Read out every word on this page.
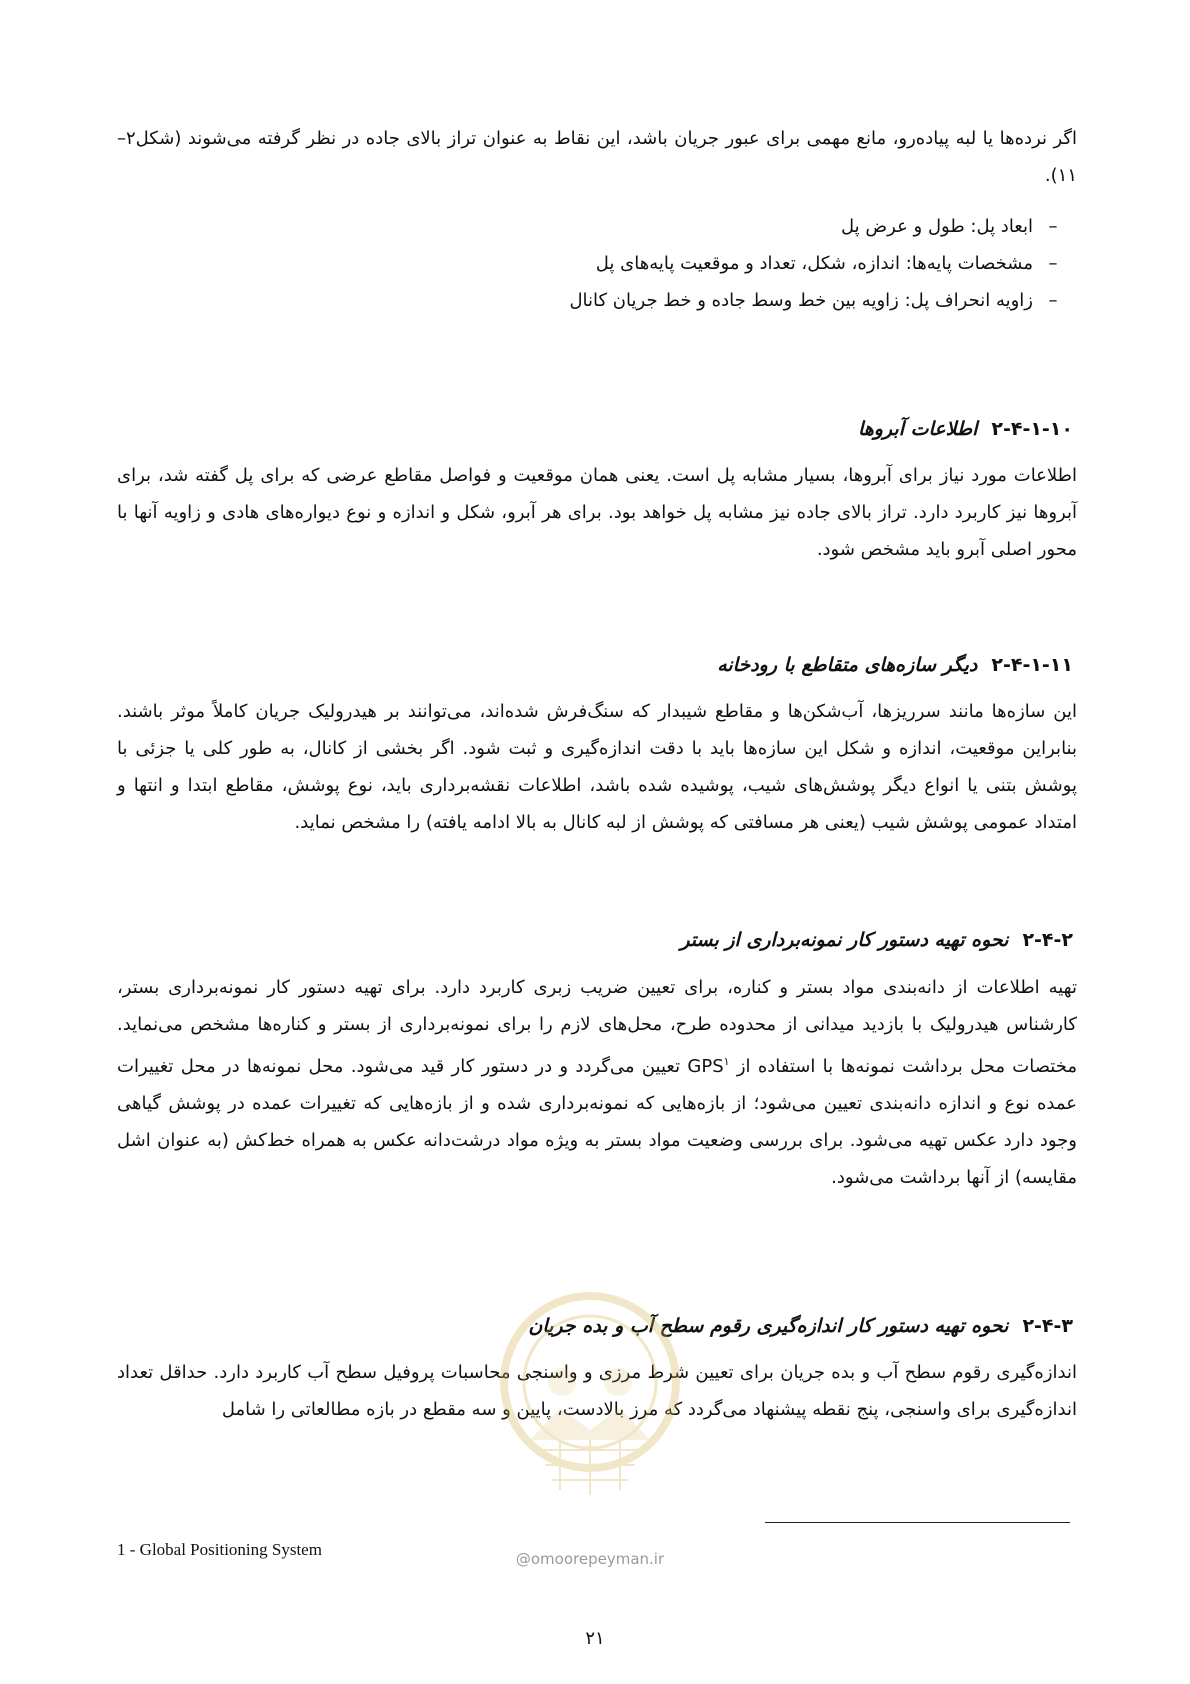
اگر نرده‌ها یا لبه پیاده‌رو، مانع مهمی برای عبور جریان باشد، این نقاط به عنوان تراز بالای جاده در نظر گرفته می‌شوند (شکل۲–۱۱).

–
ابعاد پل: طول و عرض پل
–
مشخصات پایه‌ها: اندازه، شکل، تعداد و موقعیت پایه‌های پل
–
زاویه انحراف پل: زاویه بین خط وسط جاده و خط جریان کانال
۲-۴-۱-۱۰اطلاعات آبروها

اطلاعات مورد نیاز برای آبروها، بسیار مشابه پل است. یعنی همان موقعیت و فواصل مقاطع عرضی که برای پل گفته شد، برای آبروها نیز کاربرد دارد. تراز بالای جاده نیز مشابه پل خواهد بود. برای هر آبرو، شکل و اندازه و نوع دیواره‌های هادی و زاویه آنها با محور اصلی آبرو باید مشخص شود.

۲-۴-۱-۱۱دیگر سازه‌های متقاطع با رودخانه

این سازه‌ها مانند سرریزها، آب‌شکن‌ها و مقاطع شیبدار که سنگ‌فرش شده‌اند، می‌توانند بر هیدرولیک جریان کاملاً موثر باشند. بنابراین موقعیت، اندازه و شکل این سازه‌ها باید با دقت اندازه‌گیری و ثبت شود. اگر بخشی از کانال، به طور کلی یا جزئی با پوشش بتنی یا انواع دیگر پوشش‌های شیب، پوشیده شده باشد، اطلاعات نقشه‌برداری باید، نوع پوشش، مقاطع ابتدا و انتها و امتداد عمومی پوشش شیب (یعنی هر مسافتی که پوشش از لبه کانال به بالا ادامه یافته) را مشخص نماید.

۲-۴-۲نحوه تهیه دستور کار نمونه‌برداری از بستر

تهیه اطلاعات از دانه‌بندی مواد بستر و کناره، برای تعیین ضریب زبری کاربرد دارد. برای تهیه دستور کار نمونه‌برداری بستر، کارشناس هیدرولیک با بازدید میدانی از محدوده طرح، محل‌های لازم را برای نمونه‌برداری از بستر و کناره‌ها مشخص می‌نماید. مختصات محل برداشت نمونه‌ها با استفاده از GPS$^۱$ تعیین می‌گردد و در دستور کار قید می‌شود. محل نمونه‌ها در محل تغییرات عمده نوع و اندازه دانه‌بندی تعیین می‌شود؛ از بازه‌هایی که نمونه‌برداری شده و از بازه‌هایی که تغییرات عمده در پوشش گیاهی وجود دارد عکس تهیه می‌شود. برای بررسی وضعیت مواد بستر به ویژه مواد درشت‌دانه عکس به همراه خط‌کش (به عنوان اشل مقایسه) از آنها برداشت می‌شود.

۲-۴-۳نحوه تهیه دستور کار اندازه‌گیری رقوم سطح آب و بده جریان

اندازه‌گیری رقوم سطح آب و بده جریان برای تعیین شرط مرزی و واسنجی محاسبات پروفیل سطح آب کاربرد دارد. حداقل تعداد اندازه‌گیری برای واسنجی، پنج نقطه پیشنهاد می‌گردد که مرز بالادست، پایین و سه مقطع در بازه مطالعاتی را شامل

1 - Global Positioning System	@omoorepeyman.ir
۲۱
